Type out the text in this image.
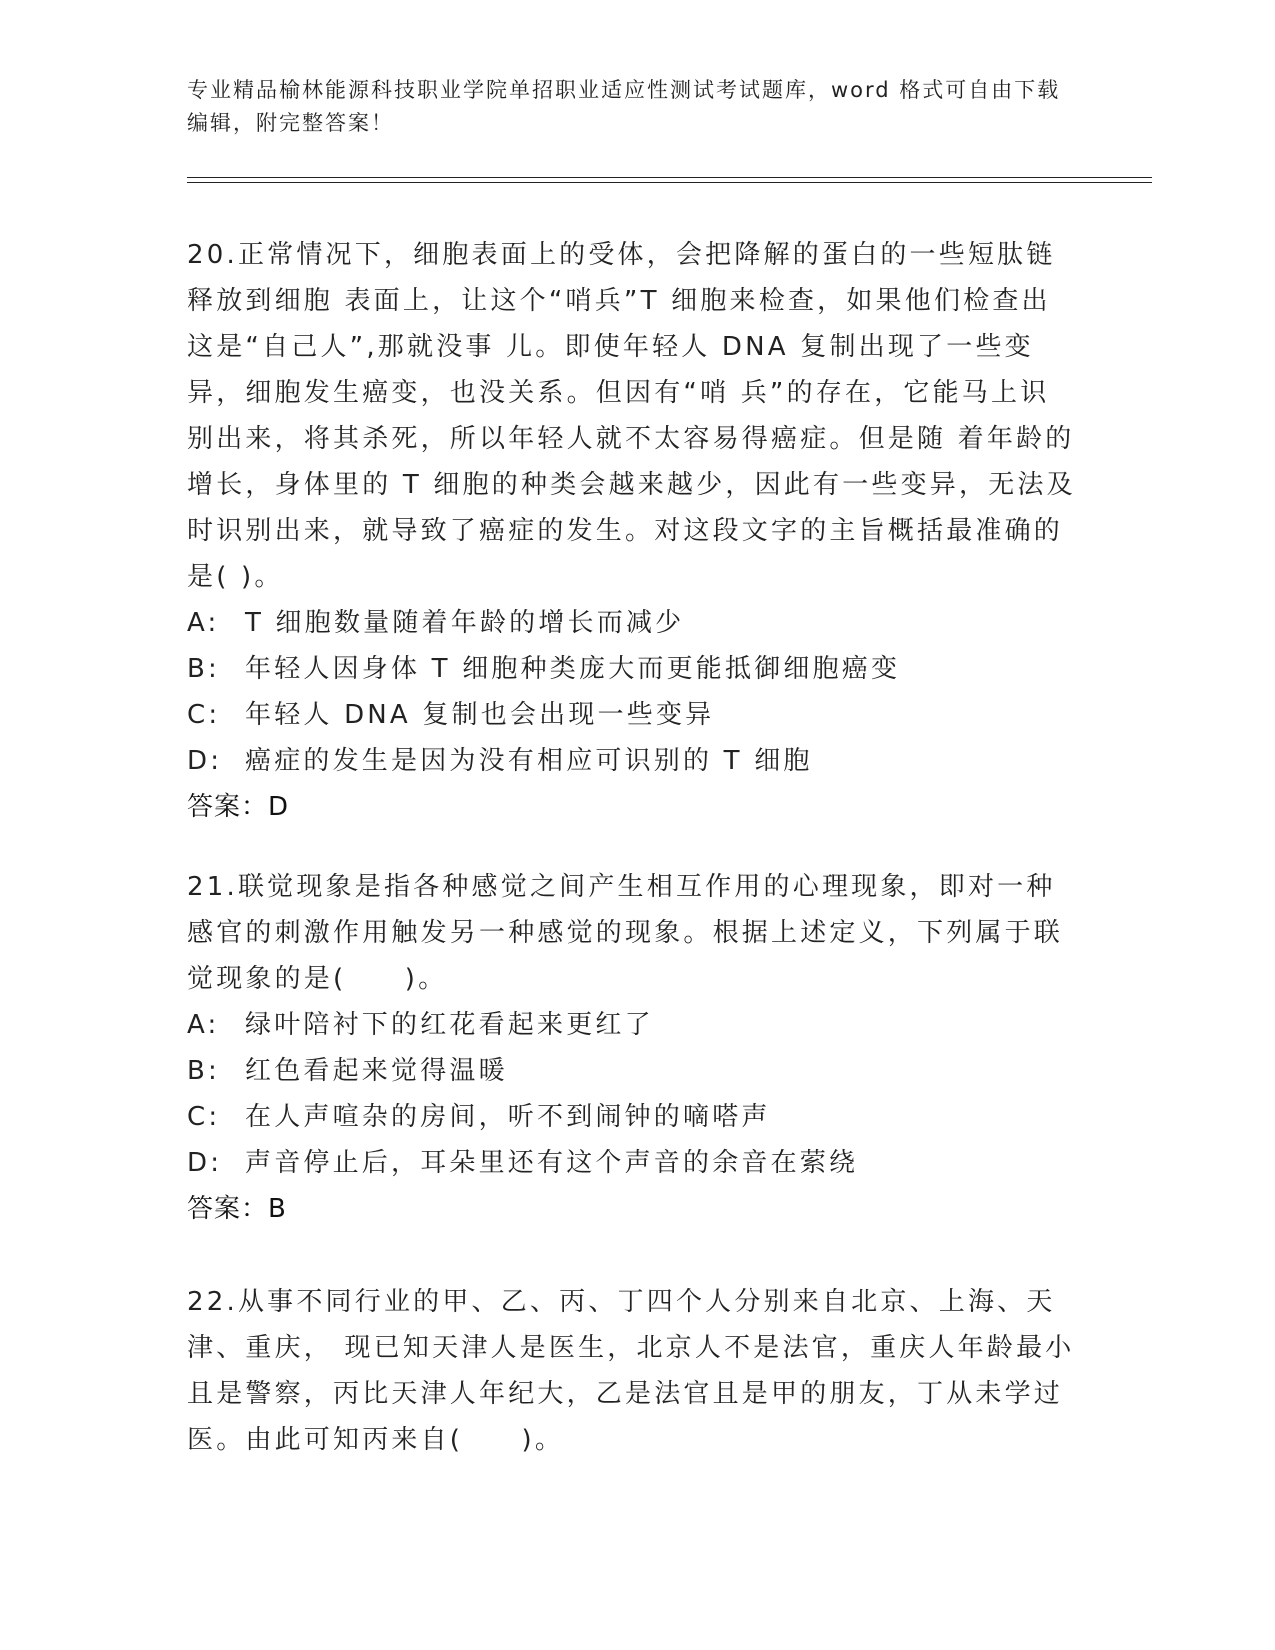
专业精品榆林能源科技职业学院单招职业适应性测试考试题库，word 格式可自由下载编辑，附完整答案！

20.正常情况下，细胞表面上的受体，会把降解的蛋白的一些短肽链释放到细胞 表面上，让这个“哨兵”T 细胞来检查，如果他们检查出这是“自己人”,那就没事 儿。即使年轻人 DNA 复制出现了一些变异，细胞发生癌变，也没关系。但因有“哨 兵”的存在，它能马上识别出来，将其杀死，所以年轻人就不太容易得癌症。但是随 着年龄的增长，身体里的 T 细胞的种类会越来越少，因此有一些变异，无法及时识别出来，就导致了癌症的发生。对这段文字的主旨概括最准确的是( )。

A: T 细胞数量随着年龄的增长而减少
B: 年轻人因身体 T 细胞种类庞大而更能抵御细胞癌变
C: 年轻人 DNA 复制也会出现一些变异
D: 癌症的发生是因为没有相应可识别的 T 细胞
答案：D

21.联觉现象是指各种感觉之间产生相互作用的心理现象，即对一种感官的刺激作用触发另一种感觉的现象。根据上述定义，下列属于联觉现象的是(　　)。

A: 绿叶陪衬下的红花看起来更红了
B: 红色看起来觉得温暖
C: 在人声喧杂的房间，听不到闹钟的嘀嗒声
D: 声音停止后，耳朵里还有这个声音的余音在萦绕
答案：B

22.从事不同行业的甲、乙、丙、丁四个人分别来自北京、上海、天津、重庆， 现已知天津人是医生，北京人不是法官，重庆人年龄最小且是警察，丙比天津人年纪大，乙是法官且是甲的朋友，丁从未学过医。由此可知丙来自(　　)。
